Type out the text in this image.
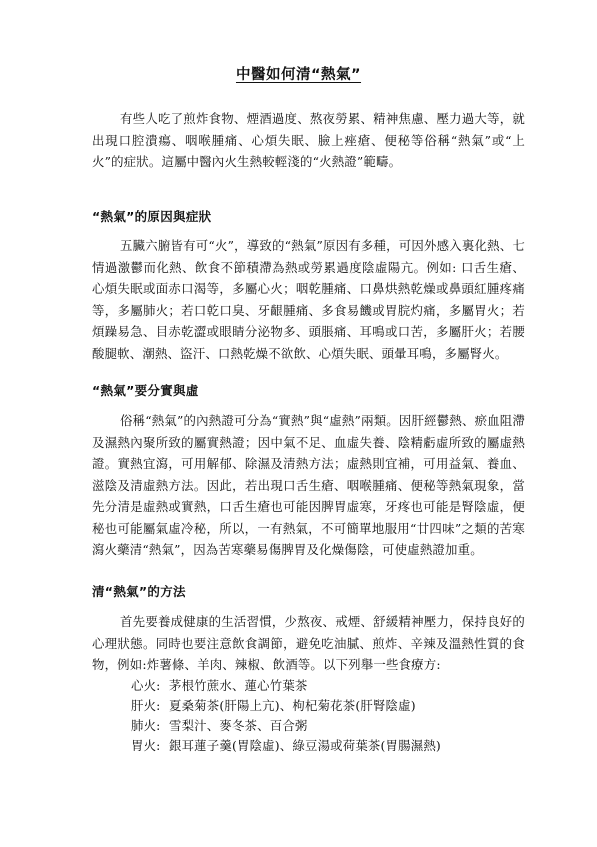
中醫如何清“熱氣”
有些人吃了煎炸食物、煙酒過度、熬夜勞累、精神焦慮、壓力過大等，就出現口腔潰瘍、咽喉腫痛、心煩失眠、臉上痤瘡、便秘等俗稱“熱氣”或“上火”的症狀。這屬中醫內火生熱較輕淺的“火熱證”範疇。
“熱氣”的原因與症狀
五臟六腑皆有可“火”，導致的“熱氣”原因有多種，可因外感入裏化熱、七情過激鬱而化熱、飲食不節積滯為熱或勞累過度陰虛陽亢。例如: 口舌生瘡、心煩失眠或面赤口渴等，多屬心火；咽乾腫痛、口鼻烘熱乾燥或鼻頭紅腫疼痛等，多屬肺火；若口乾口臭、牙齦腫痛、多食易饑或胃脘灼痛，多屬胃火；若煩躁易急、目赤乾澀或眼睛分泌物多、頭脹痛、耳鳴或口苦，多屬肝火；若腰酸腿軟、潮熱、盜汗、口熱乾燥不欲飲、心煩失眠、頭暈耳鳴，多屬腎火。
“熱氣”要分實與虛
俗稱“熱氣”的內熱證可分為“實熱”與“虛熱”兩類。因肝經鬱熱、瘀血阻滯及濕熱內聚所致的屬實熱證；因中氣不足、血虛失養、陰精虧虛所致的屬虛熱證。實熱宜瀉，可用解郁、除濕及清熱方法；虛熱則宜補，可用益氣、養血、滋陰及清虛熱方法。因此，若出現口舌生瘡、咽喉腫痛、便秘等熱氣現象，當先分清是虛熱或實熱，口舌生瘡也可能因脾胃虛寒，牙疼也可能是腎陰虛，便秘也可能屬氣虛冷秘，所以，一有熱氣，不可簡單地服用“廿四味”之類的苦寒瀉火藥清“熱氣”，因為苦寒藥易傷脾胃及化燥傷陰，可使虛熱證加重。
清“熱氣”的方法
首先要養成健康的生活習慣，少熬夜、戒煙、舒緩精神壓力，保持良好的心理狀態。同時也要注意飲食調節，避免吃油膩、煎炸、辛辣及溫熱性質的食物，例如:炸薯條、羊肉、辣椒、飲酒等。以下列舉一些食療方:
心火: 茅根竹蔗水、蓮心竹葉茶
肝火: 夏桑菊茶(肝陽上亢)、枸杞菊花茶(肝腎陰虛)
肺火: 雪梨汁、麥冬茶、百合粥
胃火: 銀耳蓮子羹(胃陰虛)、綠豆湯或荷葉茶(胃腸濕熱)
